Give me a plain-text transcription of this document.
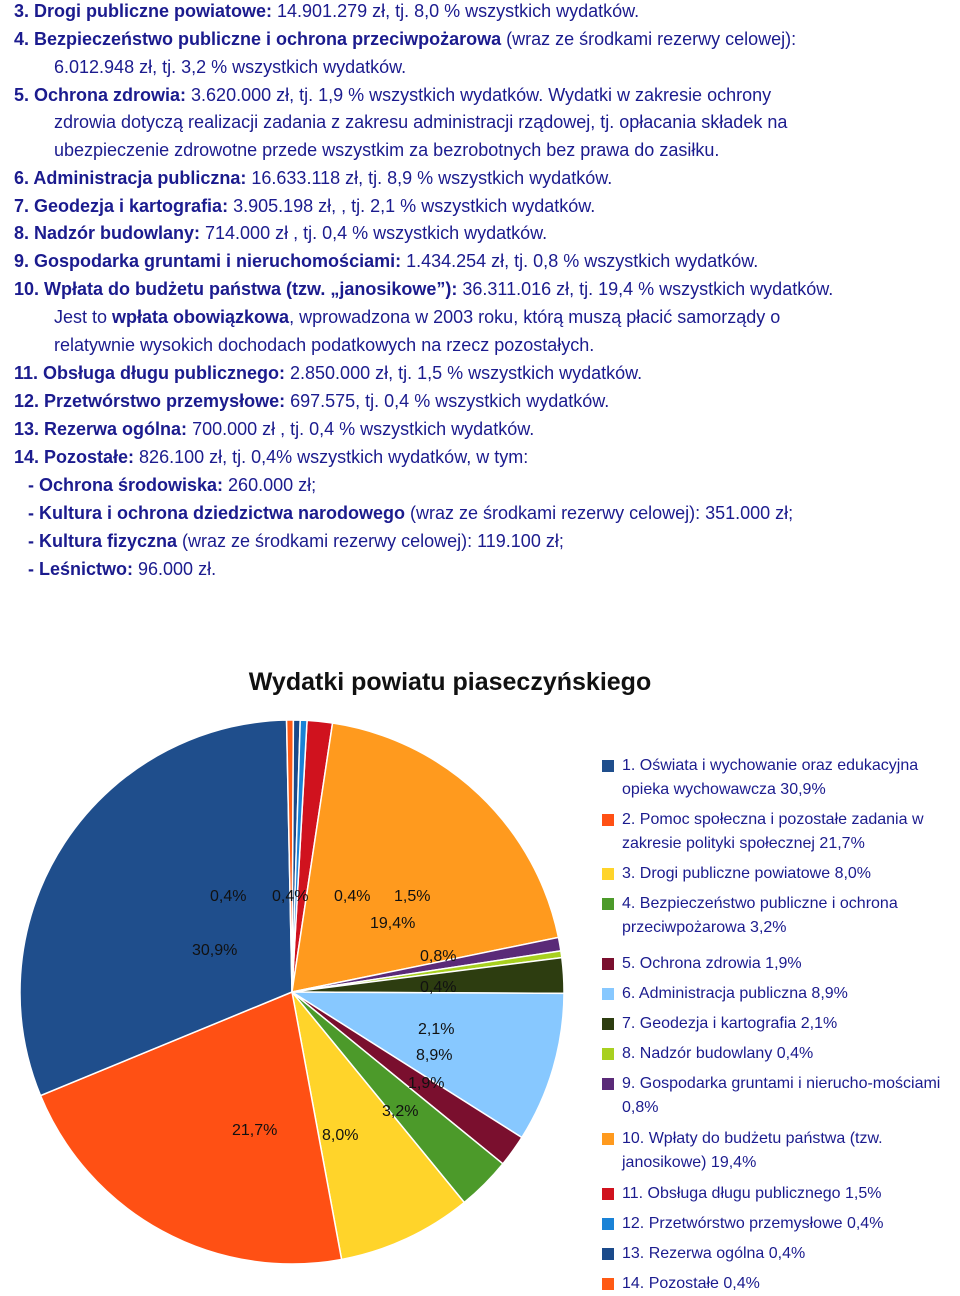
3. Drogi publiczne powiatowe: 14.901.279 zł, tj. 8,0 % wszystkich wydatków.
4. Bezpieczeństwo publiczne i ochrona przeciwpożarowa (wraz ze środkami rezerwy celowej):
6.012.948 zł, tj. 3,2 % wszystkich wydatków.
5. Ochrona zdrowia: 3.620.000 zł, tj. 1,9 % wszystkich wydatków. Wydatki w zakresie ochrony
zdrowia dotyczą realizacji zadania z zakresu administracji rządowej, tj. opłacania składek na
ubezpieczenie zdrowotne przede wszystkim za bezrobotnych bez prawa do zasiłku.
6. Administracja publiczna: 16.633.118 zł, tj. 8,9 % wszystkich wydatków.
7. Geodezja i kartografia: 3.905.198 zł, , tj. 2,1 % wszystkich wydatków.
8. Nadzór budowlany: 714.000 zł , tj. 0,4 % wszystkich wydatków.
9. Gospodarka gruntami i nieruchomościami: 1.434.254 zł, tj. 0,8 % wszystkich wydatków.
10. Wpłata do budżetu państwa (tzw. „janosikowe”): 36.311.016 zł, tj. 19,4 % wszystkich wydatków.
Jest to wpłata obowiązkowa, wprowadzona w 2003 roku, którą muszą płacić samorządy o
relatywnie wysokich dochodach podatkowych na rzecz pozostałych.
11. Obsługa długu publicznego: 2.850.000 zł, tj. 1,5 % wszystkich wydatków.
12. Przetwórstwo przemysłowe: 697.575, tj. 0,4 % wszystkich wydatków.
13. Rezerwa ogólna: 700.000 zł , tj. 0,4 % wszystkich wydatków.
14. Pozostałe: 826.100 zł, tj. 0,4% wszystkich wydatków, w tym:
- Ochrona środowiska: 260.000 zł;
- Kultura i ochrona dziedzictwa narodowego (wraz ze środkami rezerwy celowej): 351.000 zł;
- Kultura fizyczna (wraz ze środkami rezerwy celowej): 119.100 zł;
- Leśnictwo: 96.000 zł.
Wydatki powiatu piaseczyńskiego
30,9%
21,7%	8,0%
3,2%
1,9%
8,9%
2,1%
0,4%
0,8%
19,4%
1,5%
0,4%
0,4%
0,4%
1. Oświata i wychowanie oraz edukacyjna opieka wychowawcza 30,9%
2. Pomoc społeczna i pozostałe zadania w zakresie polityki społecznej 21,7%
3. Drogi publiczne powiatowe 8,0%
4. Bezpieczeństwo publiczne i ochrona przeciwpożarowa 3,2%
5. Ochrona zdrowia 1,9%
6. Administracja publiczna 8,9%
7. Geodezja i kartografia 2,1%
8. Nadzór budowlany 0,4%
9. Gospodarka gruntami i nierucho-mościami 0,8%
10. Wpłaty do budżetu państwa (tzw. janosikowe) 19,4%
11. Obsługa długu publicznego 1,5%
12. Przetwórstwo przemysłowe 0,4%
13. Rezerwa ogólna 0,4%
14. Pozostałe 0,4%
